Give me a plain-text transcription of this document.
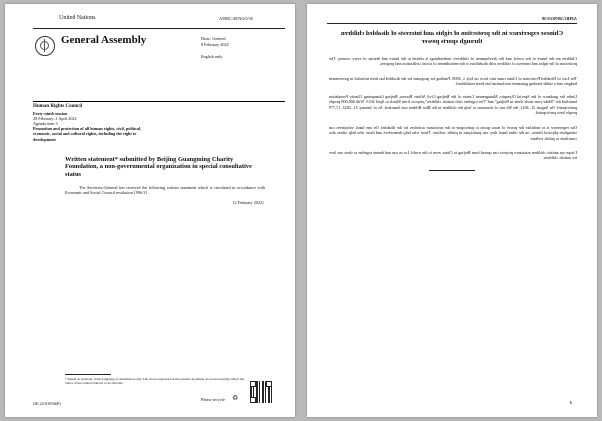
United Nations	A/HRC/49/NGO/38
General Assembly	Distr.: General
8 February 2022
English only
Human Rights Council
Forty-ninth session
28 February–1 April 2022
Agenda item 3
Promotion and protection of all human rights, civil, political, economic, social and cultural rights, including the right to development
Written statement* submitted by Beijing Guangming Charity Foundation, a non-governmental organization in special consultative status
The Secretary-General has received the following written statement which is circulated in accordance with Economic and Social Council resolution 1996/31.
[2 February 2022]
* Issued as received, in the language of submission only. The views expressed in the present document do not necessarily reflect the views of the United Nations or its officials.
GE.22-01656(E)
Please recycle ♻
A/HRC/49/NGO/38
Chinese experience in the protection of rights and interests of disabled children through sports power
Children are the future of the world, and the development of children's undertakings is related to the future and destiny of every country. The protection of the rights and interests of children with disabilities is the embodiment of social civilization and progress.
The Law of Disabled Protection of China came into force on July 1, 2008. Funding for programs for the disabled has been included in government budgets and a stable funding guarantee mechanism has been established.
Under the guidance of the Special Olympics Management Center of the Beijing Civil Affairs Bureau, Beijing Guangming Charity Foundation launched the "Make your smile shine in Beijing" and "Get together with autistic children" projects from March to April 2015. With 600,000 people participated. On August 21, 2021, the 9th run of donations to help the children in the Blue Ribbon was launched. As of January 31, 2022, 17,779 people have participated.
Our experience is to mobilize the power of mass sports to participate in the assistance activities for the disabled. On one hand, volunteers can strengthen physical fitness, on the other hand, they can participate in public welfare. Those who help themselves and those who help others also contribute to public welfare.
I hope our autistic children assistance projects can spread from Beijing to China, even to the world. Let us run and donate together to show our love for autistic children.
2
